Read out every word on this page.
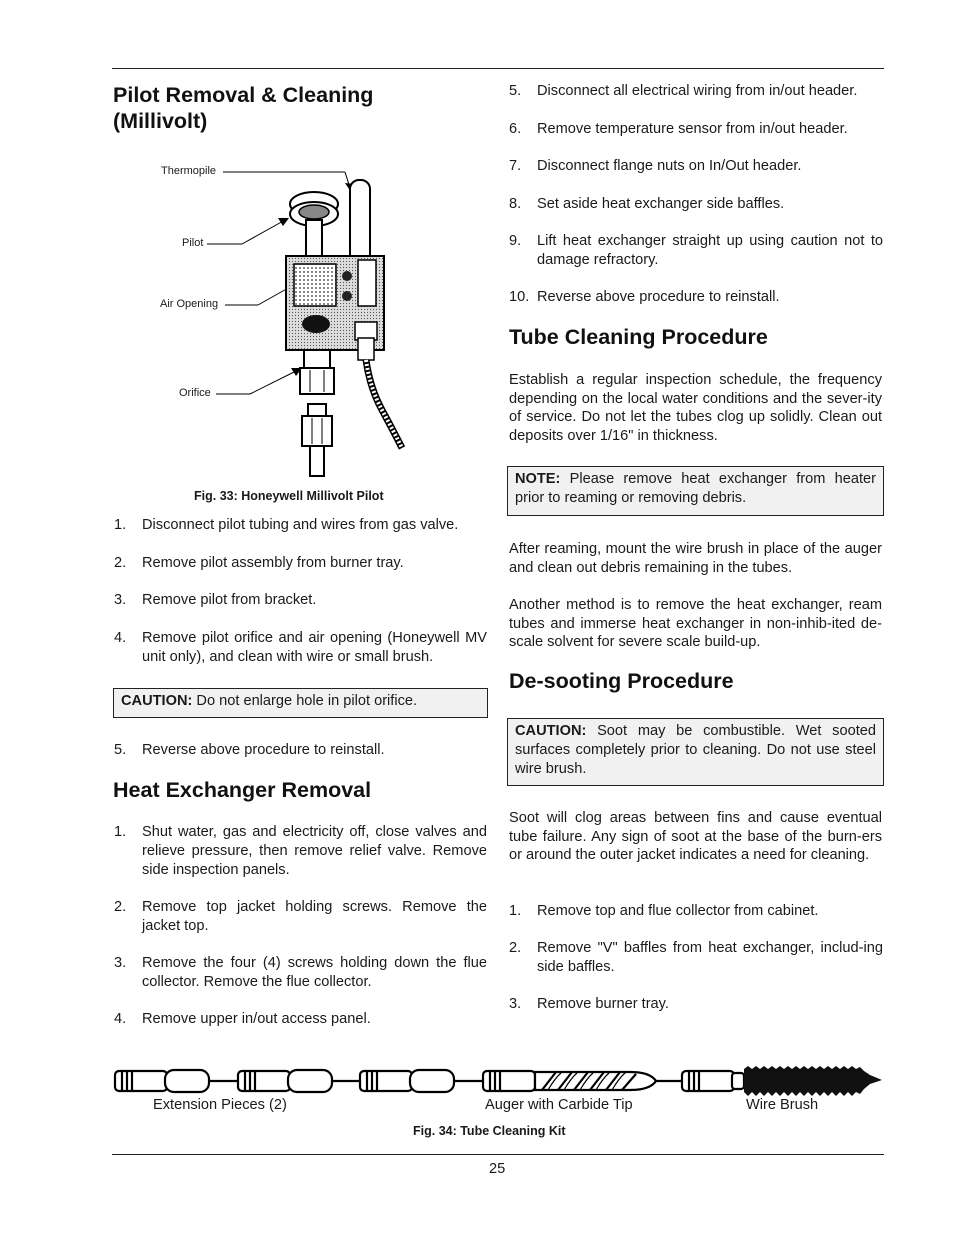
Pilot Removal & Cleaning
(Millivolt)
Thermopile
Pilot
Air Opening
Orifice
Fig. 33: Honeywell Millivolt Pilot
1. Disconnect pilot tubing and wires from gas valve.
2. Remove pilot assembly from burner tray.
3. Remove pilot from bracket.
4. Remove pilot orifice and air opening (Honeywell MV unit only), and clean with wire or small brush.
CAUTION: Do not enlarge hole in pilot orifice.
5. Reverse above procedure to reinstall.
Heat Exchanger Removal
1. Shut water, gas and electricity off, close valves and relieve pressure, then remove relief valve. Remove side inspection panels.
2. Remove top jacket holding screws. Remove the jacket top.
3. Remove the four (4) screws holding down the flue collector. Remove the flue collector.
4. Remove upper in/out access panel.
5. Disconnect all electrical wiring from in/out header.
6. Remove temperature sensor from in/out header.
7. Disconnect flange nuts on In/Out header.
8. Set aside heat exchanger side baffles.
9. Lift heat exchanger straight up using caution not to damage refractory.
10. Reverse above procedure to reinstall.
Tube Cleaning Procedure
Establish a regular inspection schedule, the frequency depending on the local water conditions and the sever-ity of service. Do not let the tubes clog up solidly. Clean out deposits over 1/16" in thickness.
NOTE: Please remove heat exchanger from heater prior to reaming or removing debris.
After reaming, mount the wire brush in place of the auger and clean out debris remaining in the tubes.
Another method is to remove the heat exchanger, ream tubes and immerse heat exchanger in non-inhib-ited de-scale solvent for severe scale build-up.
De-sooting Procedure
CAUTION: Soot may be combustible. Wet sooted surfaces completely prior to cleaning. Do not use steel wire brush.
Soot will clog areas between fins and cause eventual tube failure. Any sign of soot at the base of the burn-ers or around the outer jacket indicates a need for cleaning.
1. Remove top and flue collector from cabinet.
2. Remove "V" baffles from heat exchanger, includ-ing side baffles.
3. Remove burner tray.
Extension Pieces (2)	Auger with Carbide Tip	Wire Brush
Fig. 34: Tube Cleaning Kit
25
